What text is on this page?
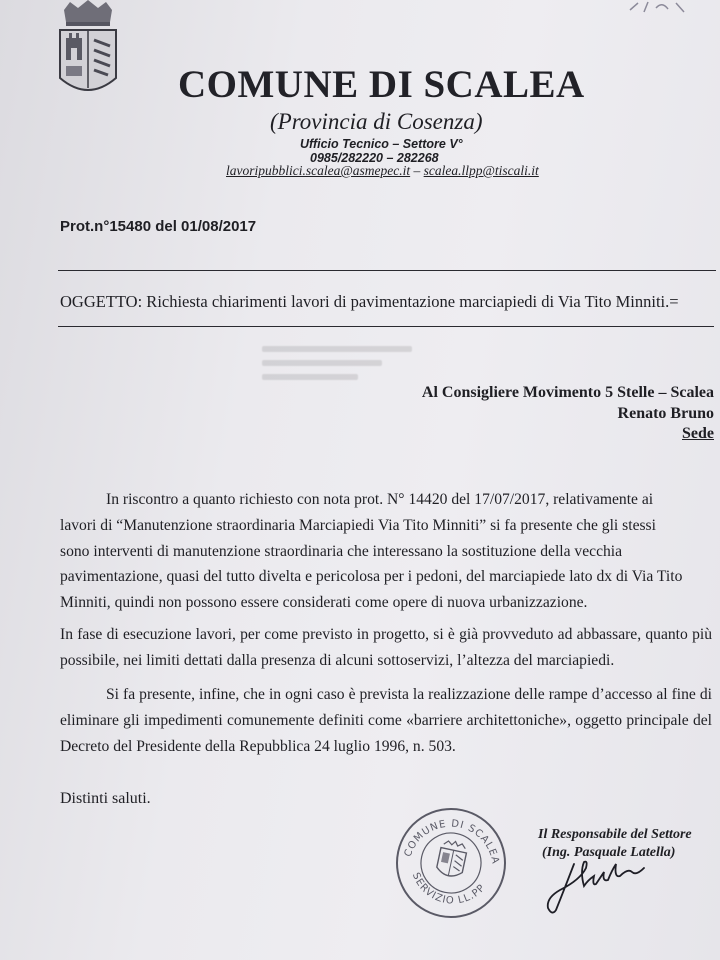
COMUNE DI SCALEA
(Provincia di Cosenza)
Ufficio Tecnico – Settore V°
0985/282220 – 282268
lavoripubblici.scalea@asmepec.it – scalea.llpp@tiscali.it
Prot.n°15480 del 01/08/2017
OGGETTO: Richiesta chiarimenti lavori di pavimentazione marciapiedi di Via Tito Minniti.=
Al Consigliere Movimento 5 Stelle – Scalea
Renato Bruno
Sede
In riscontro a quanto richiesto con nota prot. N° 14420 del 17/07/2017, relativamente ai
lavori di “Manutenzione straordinaria Marciapiedi Via Tito Minniti” si fa presente che gli stessi
sono interventi di manutenzione straordinaria che interessano la sostituzione della vecchia
pavimentazione, quasi del tutto divelta e pericolosa per i pedoni, del marciapiede lato dx di Via Tito
Minniti, quindi non possono essere considerati come opere di nuova urbanizzazione.
In fase di esecuzione lavori, per come previsto in progetto, si è già provveduto ad abbassare, quanto più possibile, nei limiti dettati dalla presenza di alcuni sottoservizi, l’altezza del marciapiedi.
Si fa presente, infine, che in ogni caso è prevista la realizzazione delle rampe d’accesso al fine di eliminare gli impedimenti comunemente definiti come «barriere architettoniche», oggetto principale del Decreto del Presidente della Repubblica 24 luglio 1996, n. 503.
Distinti saluti.
COMUNE DI SCALEA
SERVIZIO LL.PP.
Il Responsabile del Settore
(Ing. Pasquale Latella)
